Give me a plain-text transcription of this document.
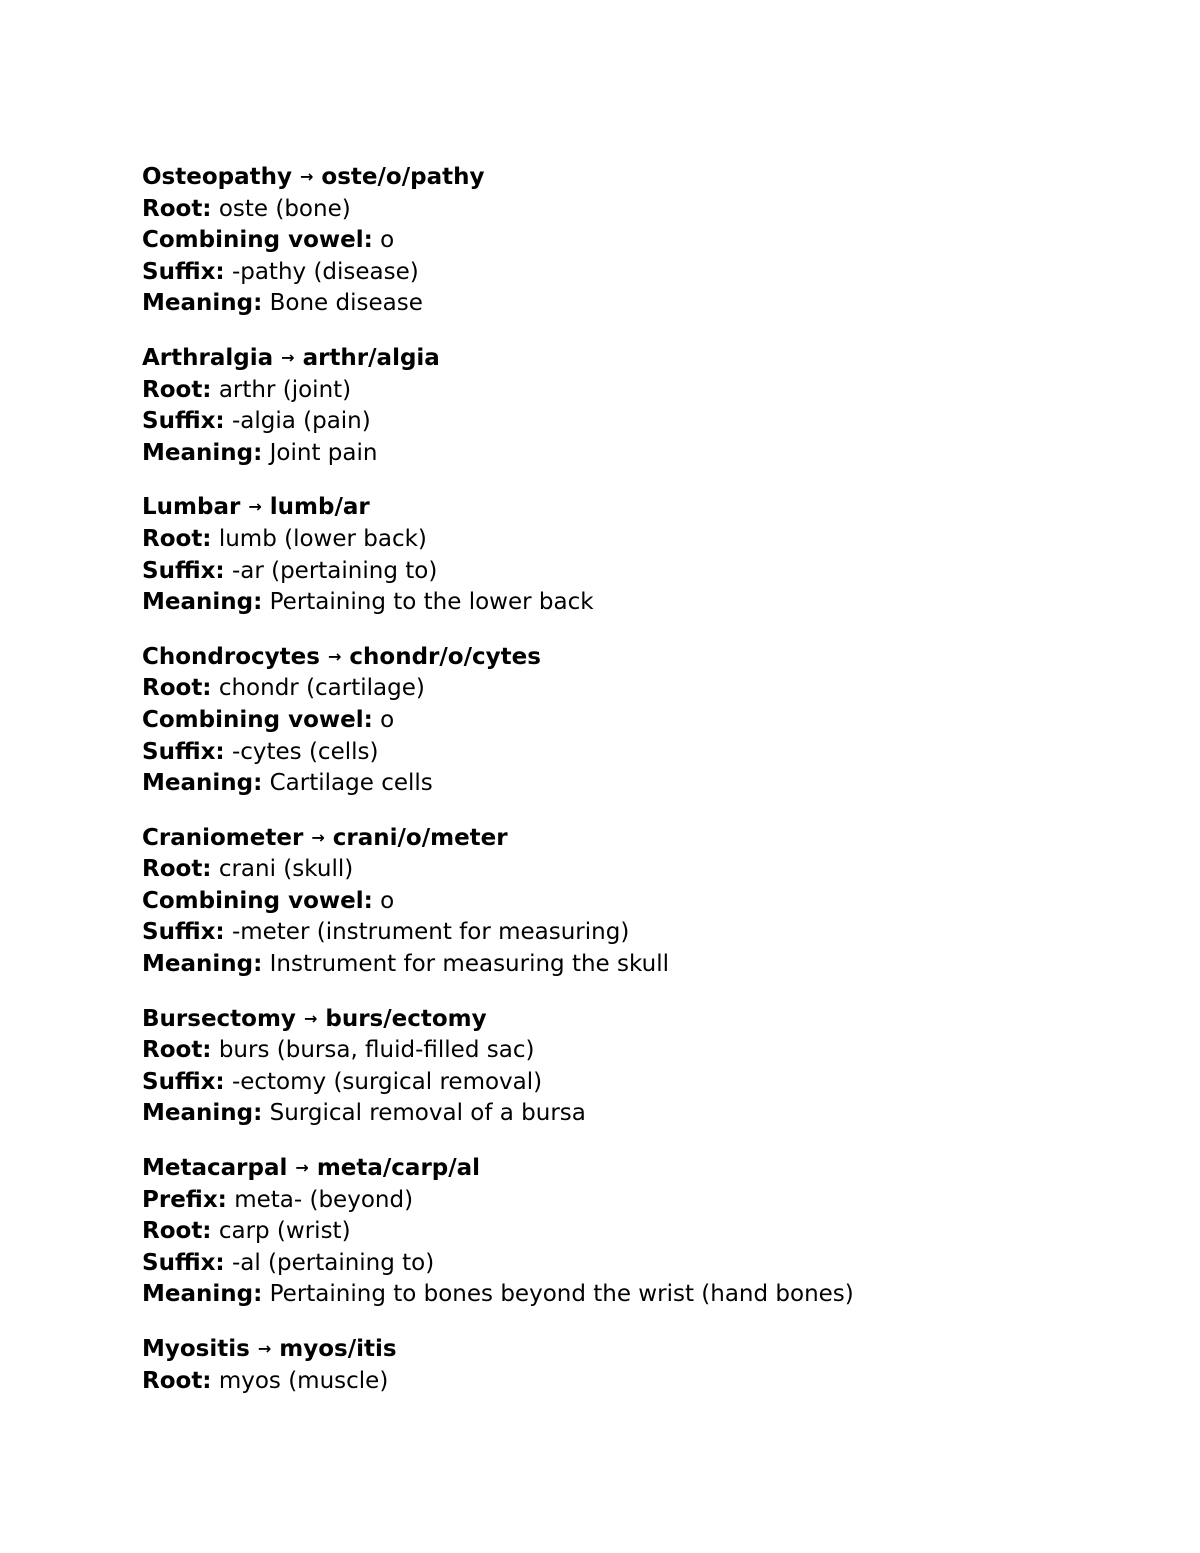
Osteopathy → oste/o/pathy
Root: oste (bone)
Combining vowel: o
Suffix: -pathy (disease)
Meaning: Bone disease
Arthralgia → arthr/algia
Root: arthr (joint)
Suffix: -algia (pain)
Meaning: Joint pain
Lumbar → lumb/ar
Root: lumb (lower back)
Suffix: -ar (pertaining to)
Meaning: Pertaining to the lower back
Chondrocytes → chondr/o/cytes
Root: chondr (cartilage)
Combining vowel: o
Suffix: -cytes (cells)
Meaning: Cartilage cells
Craniometer → crani/o/meter
Root: crani (skull)
Combining vowel: o
Suffix: -meter (instrument for measuring)
Meaning: Instrument for measuring the skull
Bursectomy → burs/ectomy
Root: burs (bursa, fluid-filled sac)
Suffix: -ectomy (surgical removal)
Meaning: Surgical removal of a bursa
Metacarpal → meta/carp/al
Prefix: meta- (beyond)
Root: carp (wrist)
Suffix: -al (pertaining to)
Meaning: Pertaining to bones beyond the wrist (hand bones)
Myositis → myos/itis
Root: myos (muscle)
